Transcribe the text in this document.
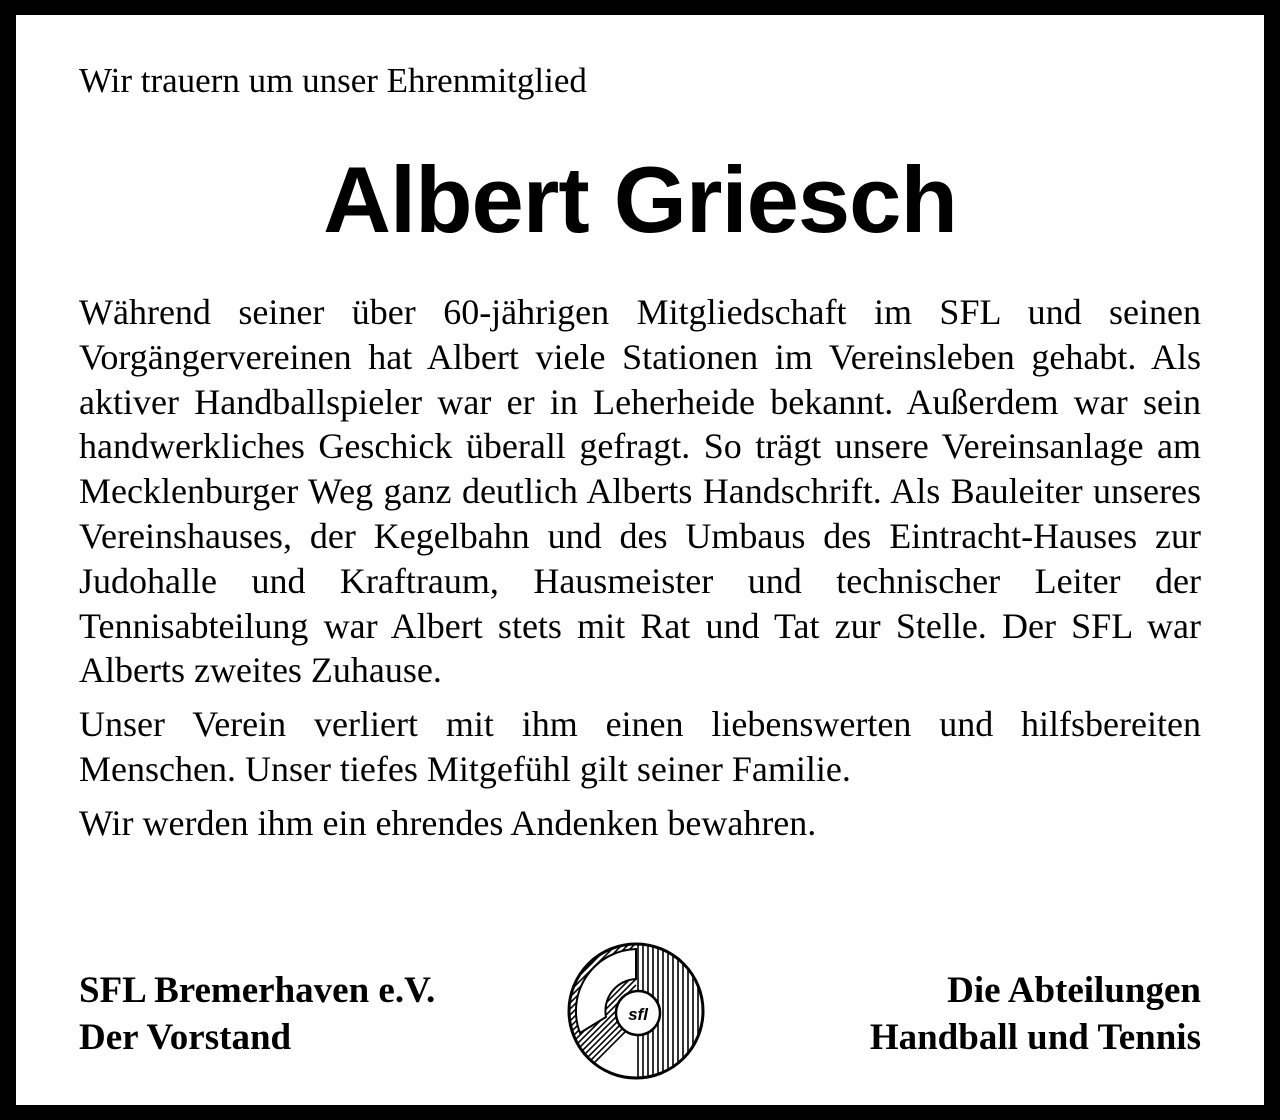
Wir trauern um unser Ehrenmitglied
Albert Griesch

Während seiner über 60-jährigen Mitgliedschaft im SFL und seinen Vorgängervereinen hat Albert viele Stationen im Vereinsleben gehabt. Als aktiver Handballspieler war er in Leherheide bekannt. Außerdem war sein handwerkliches Geschick überall gefragt. So trägt unsere Vereinsanlage am Mecklenburger Weg ganz deutlich Alberts Handschrift. Als Bauleiter unseres Vereinshauses, der Kegelbahn und des Umbaus des Eintracht-Hauses zur Judohalle und Kraftraum, Hausmeister und technischer Leiter der Tennisabteilung war Albert stets mit Rat und Tat zur Stelle. Der SFL war Alberts zweites Zuhause.

Unser Verein verliert mit ihm einen liebenswerten und hilfsbereiten Menschen. Unser tiefes Mitgefühl gilt seiner Familie.

Wir werden ihm ein ehrendes Andenken bewahren.

SFL Bremerhaven e.V.
Der Vorstand
sfl
Die Abteilungen
Handball und Tennis
